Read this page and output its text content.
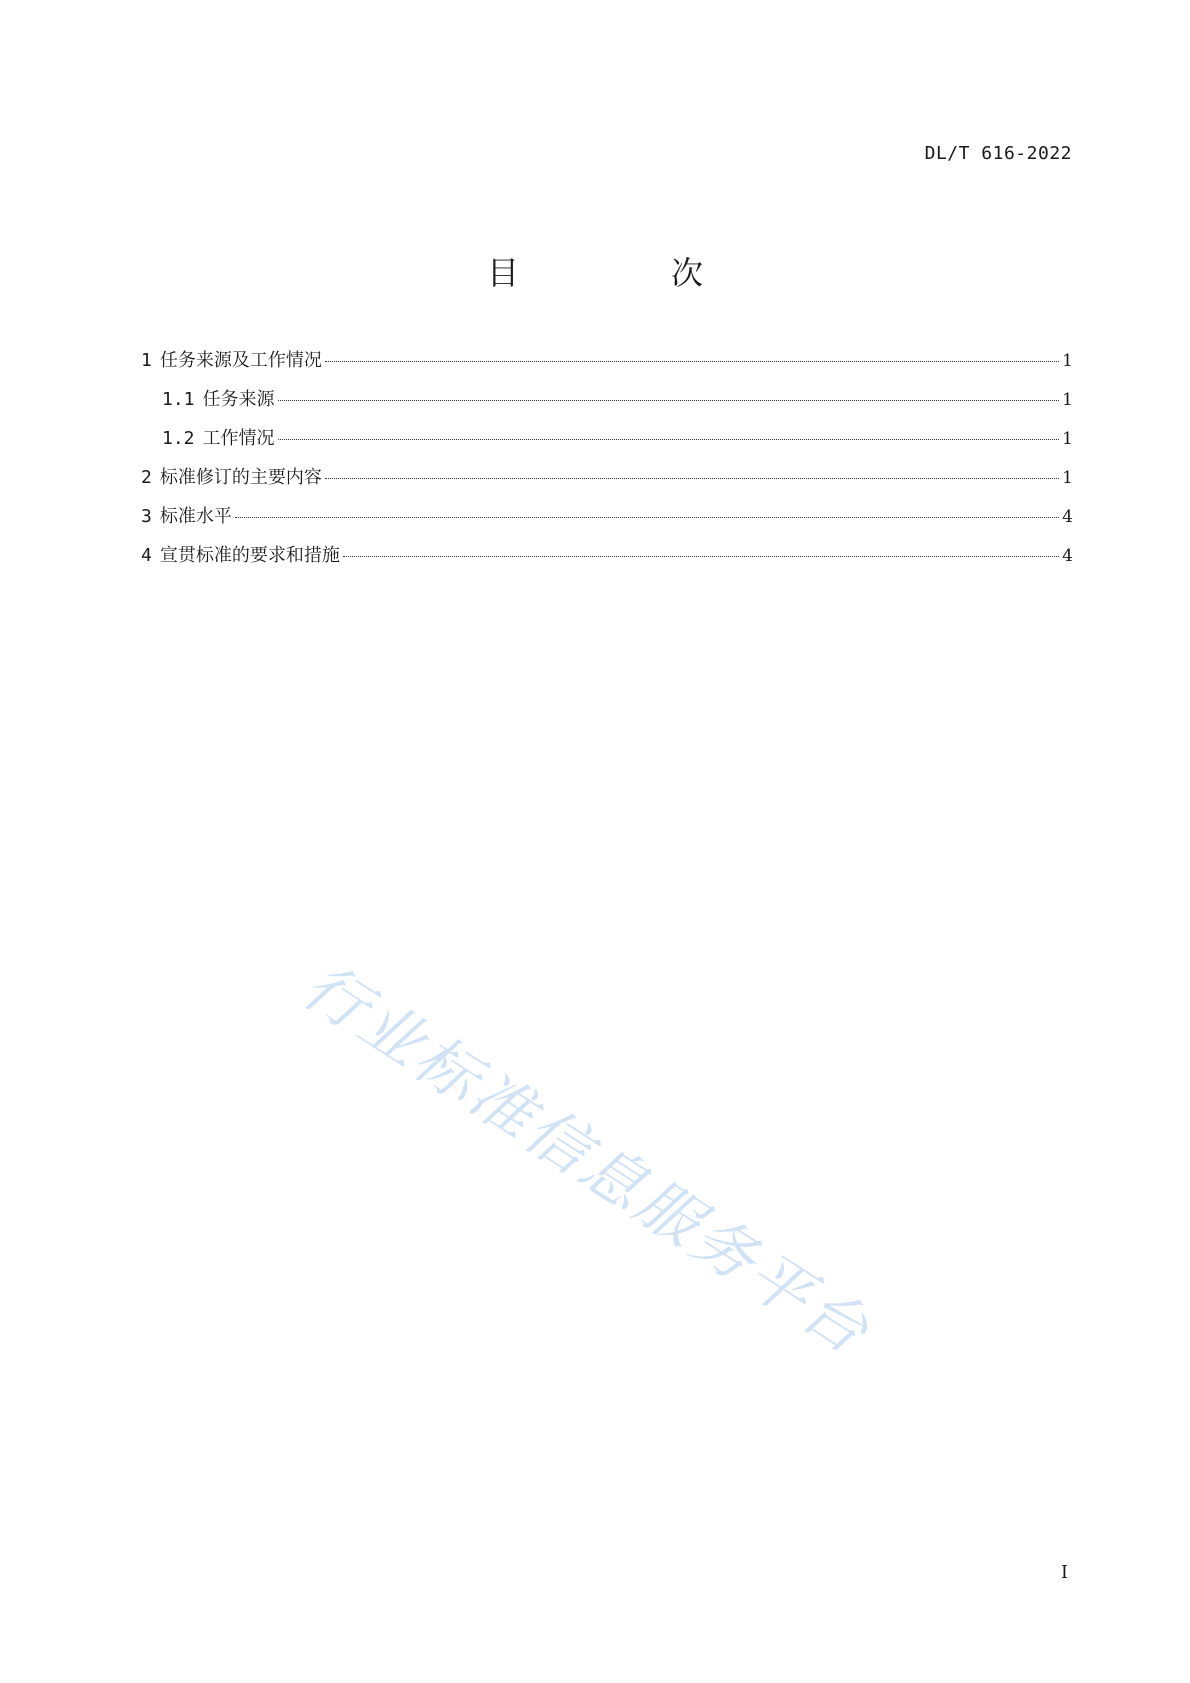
DL/T 616-2022
目　次
1 任务来源及工作情况	1
1.1 任务来源	1
1.2 工作情况	1
2 标准修订的主要内容	1
3 标准水平	4
4 宣贯标准的要求和措施	4
行业标准信息服务平台
I
